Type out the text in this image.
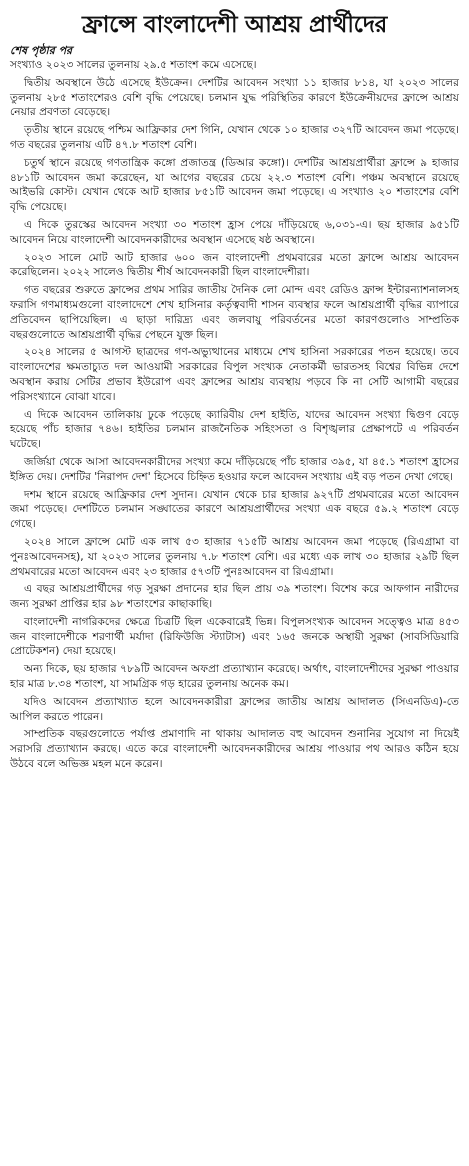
ফ্রান্সে বাংলাদেশী আশ্রয় প্রার্থীদের
শেষ পৃষ্ঠার পর

সংখ্যাও ২০২৩ সালের তুলনায় ২৯.৫ শতাংশ কমে এসেছে।

দ্বিতীয় অবস্থানে উঠে এসেছে ইউক্রেন। দেশটির আবেদন সংখ্যা ১১ হাজার ৮১৪, যা ২০২৩ সালের তুলনায় ২৮৫ শতাংশেরও বেশি বৃদ্ধি পেয়েছে। চলমান যুদ্ধ পরিস্থিতির কারণে ইউক্রেনীয়দের ফ্রান্সে আশ্রয় নেয়ার প্রবণতা বেড়েছে।

তৃতীয় স্থানে রয়েছে পশ্চিম আফ্রিকার দেশ গিনি, যেখান থেকে ১০ হাজার ৩২৭টি আবেদন জমা পড়েছে। গত বছরের তুলনায় এটি ৪৭.৮ শতাংশ বেশি।

চতুর্থ স্থানে রয়েছে গণতান্ত্রিক কঙ্গো প্রজাতন্ত্র (ডিআর কঙ্গো)। দেশটির আশ্রয়প্রার্থীরা ফ্রান্সে ৯ হাজার ৪৮১টি আবেদন জমা করেছেন, যা আগের বছরের চেয়ে ২২.৩ শতাংশ বেশি। পঞ্চম অবস্থানে রয়েছে আইভরি কোস্ট। যেখান থেকে আট হাজার ৮৫১টি আবেদন জমা পড়েছে। এ সংখ্যাও ২০ শতাংশের বেশি বৃদ্ধি পেয়েছে।

এ দিকে তুরস্কের আবেদন সংখ্যা ৩০ শতাংশ হ্রাস পেয়ে দাঁড়িয়েছে ৬,০৩১-এ। ছয় হাজার ৯৫১টি আবেদন নিয়ে বাংলাদেশী আবেদনকারীদের অবস্থান এসেছে ষষ্ঠ অবস্থানে।

২০২৩ সালে মোট আট হাজার ৬০০ জন বাংলাদেশী প্রথমবারের মতো ফ্রান্সে আশ্রয় আবেদন করেছিলেন। ২০২২ সালেও দ্বিতীয় শীর্ষ আবেদনকারী ছিল বাংলাদেশীরা।

গত বছরের শুরুতে ফ্রান্সের প্রথম সারির জাতীয় দৈনিক লো মোন্দ এবং রেডিও ফ্রান্স ইন্টারন্যাশনালসহ ফরাসি গণমাধ্যমগুলো বাংলাদেশে শেখ হাসিনার কর্তৃত্ববাদী শাসন ব্যবস্থার ফলে আশ্রয়প্রার্থী বৃদ্ধির ব্যাপারে প্রতিবেদন ছাপিয়েছিল। এ ছাড়া দারিদ্র্য এবং জলবায়ু পরিবর্তনের মতো কারণগুলোও সাম্প্রতিক বছরগুলোতে আশ্রয়প্রার্থী বৃদ্ধির পেছনে যুক্ত ছিল।

২০২৪ সালের ৫ আগস্ট ছাত্রদের গণ-অভ্যুত্থানের মাধ্যমে শেখ হাসিনা সরকারের পতন হয়েছে। তবে বাংলাদেশের ক্ষমতাচ্যুত দল আওয়ামী সরকারের বিপুল সংখ্যক নেতাকর্মী ভারতসহ বিশ্বের বিভিন্ন দেশে অবস্থান করায় সেটির প্রভাব ইউরোপ এবং ফ্রান্সের আশ্রয় ব্যবস্থায় পড়বে কি না সেটি আগামী বছরের পরিসংখ্যানে বোঝা যাবে।

এ দিকে আবেদন তালিকায় ঢুকে পড়েছে ক্যারিবীয় দেশ হাইতি, যাদের আবেদন সংখ্যা দ্বিগুণ বেড়ে হয়েছে পাঁচ হাজার ৭৪৬। হাইতির চলমান রাজনৈতিক সহিংসতা ও বিশৃঙ্খলার প্রেক্ষাপটে এ পরিবর্তন ঘটেছে।

জর্জিয়া থেকে আসা আবেদনকারীদের সংখ্যা কমে দাঁড়িয়েছে পাঁচ হাজার ৩৯৫, যা ৪৫.১ শতাংশ হ্রাসের ইঙ্গিত দেয়। দেশটির 'নিরাপদ দেশ' হিসেবে চিহ্নিত হওয়ার ফলে আবেদন সংখ্যায় এই বড় পতন দেখা গেছে।

দশম স্থানে রয়েছে আফ্রিকার দেশ সুদান। যেখান থেকে চার হাজার ৯২৭টি প্রথমবারের মতো আবেদন জমা পড়েছে। দেশটিতে চলমান সঙ্ঘাতের কারণে আশ্রয়প্রার্থীদের সংখ্যা এক বছরে ৫৯.২ শতাংশ বেড়ে গেছে।

২০২৪ সালে ফ্রান্সে মোট এক লাখ ৫৩ হাজার ৭১৫টি আশ্রয় আবেদন জমা পড়েছে (রিএগ্রামা বা পুনঃআবেদনসহ), যা ২০২৩ সালের তুলনায় ৭.৮ শতাংশ বেশি। এর মধ্যে এক লাখ ৩০ হাজার ২৯টি ছিল প্রথমবারের মতো আবেদন এবং ২৩ হাজার ৫৭৩টি পুনঃআবেদন বা রিএগ্রামা।

এ বছর আশ্রয়প্রার্থীদের গড় সুরক্ষা প্রদানের হার ছিল প্রায় ৩৯ শতাংশ। বিশেষ করে আফগান নারীদের জন্য সুরক্ষা প্রাপ্তির হার ৯৮ শতাংশের কাছাকাছি।

বাংলাদেশী নাগরিকদের ক্ষেত্রে চিত্রটি ছিল একেবারেই ভিন্ন। বিপুলসংখ্যক আবেদন সত্ত্বেও মাত্র ৪৫৩ জন বাংলাদেশীকে শরণার্থী মর্যাদা (রিফিউজি স্ট্যাটাস) এবং ১৬৫ জনকে অস্থায়ী সুরক্ষা (সাবসিডিয়ারি প্রোটেকশন) দেয়া হয়েছে।

অন্য দিকে, ছয় হাজার ৭৮৯টি আবেদন অফপ্রা প্রত্যাখ্যান করেছে। অর্থাৎ, বাংলাদেশীদের সুরক্ষা পাওয়ার হার মাত্র ৮.৩৪ শতাংশ, যা সামগ্রিক গড় হারের তুলনায় অনেক কম।

যদিও আবেদন প্রত্যাখ্যাত হলে আবেদনকারীরা ফ্রান্সের জাতীয় আশ্রয় আদালত (সিএনডিএ)-তে আপিল করতে পারেন।

সাম্প্রতিক বছরগুলোতে পর্যাপ্ত প্রমাণাদি না থাকায় আদালত বহু আবেদন শুনানির সুযোগ না দিয়েই সরাসরি প্রত্যাখ্যান করছে। এতে করে বাংলাদেশী আবেদনকারীদের আশ্রয় পাওয়ার পথ আরও কঠিন হয়ে উঠবে বলে অভিজ্ঞ মহল মনে করেন।
